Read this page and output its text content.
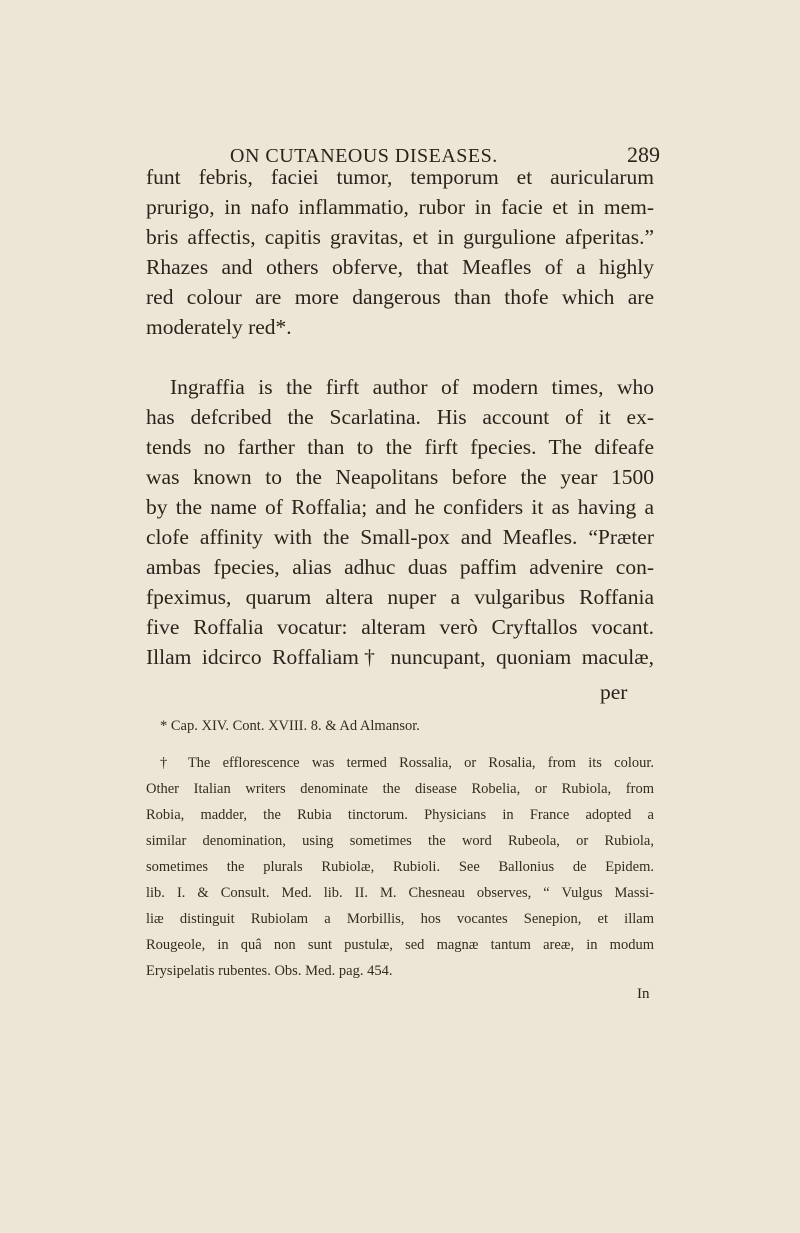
ON CUTANEOUS DISEASES.	289
funt febris, faciei tumor, temporum et auricularum
prurigo, in nafo inflammatio, rubor in facie et in mem-
bris affectis, capitis gravitas, et in gurgulione afperitas.”
Rhazes and others obferve, that Meafles of a highly
red colour are more dangerous than thofe which are
moderately red*.
Ingraffia is the firft author of modern times, who
has defcribed the Scarlatina. His account of it ex-
tends no farther than to the firft fpecies. The difeafe
was known to the Neapolitans before the year 1500
by the name of Roffalia; and he confiders it as having a
clofe affinity with the Small-pox and Meafles. “Præter
ambas fpecies, alias adhuc duas paffim advenire con-
fpeximus, quarum altera nuper a vulgaribus Roffania
five Roffalia vocatur: alteram verò Cryftallos vocant.
Illam idcirco Roffaliam† nuncupant, quoniam maculæ,
per
* Cap. XIV. Cont. XVIII. 8. & Ad Almansor.
† The efflorescence was termed Rossalia, or Rosalia, from its colour.
Other Italian writers denominate the disease Robelia, or Rubiola, from
Robia, madder, the Rubia tinctorum. Physicians in France adopted a
similar denomination, using sometimes the word Rubeola, or Rubiola,
sometimes the plurals Rubiolæ, Rubioli. See Ballonius de Epidem.
lib. I. & Consult. Med. lib. II. M. Chesneau observes, “ Vulgus Massi-
liæ distinguit Rubiolam a Morbillis, hos vocantes Senepion, et illam
Rougeole, in quâ non sunt pustulæ, sed magnæ tantum areæ, in modum
Erysipelatis rubentes. Obs. Med. pag. 454.
In
